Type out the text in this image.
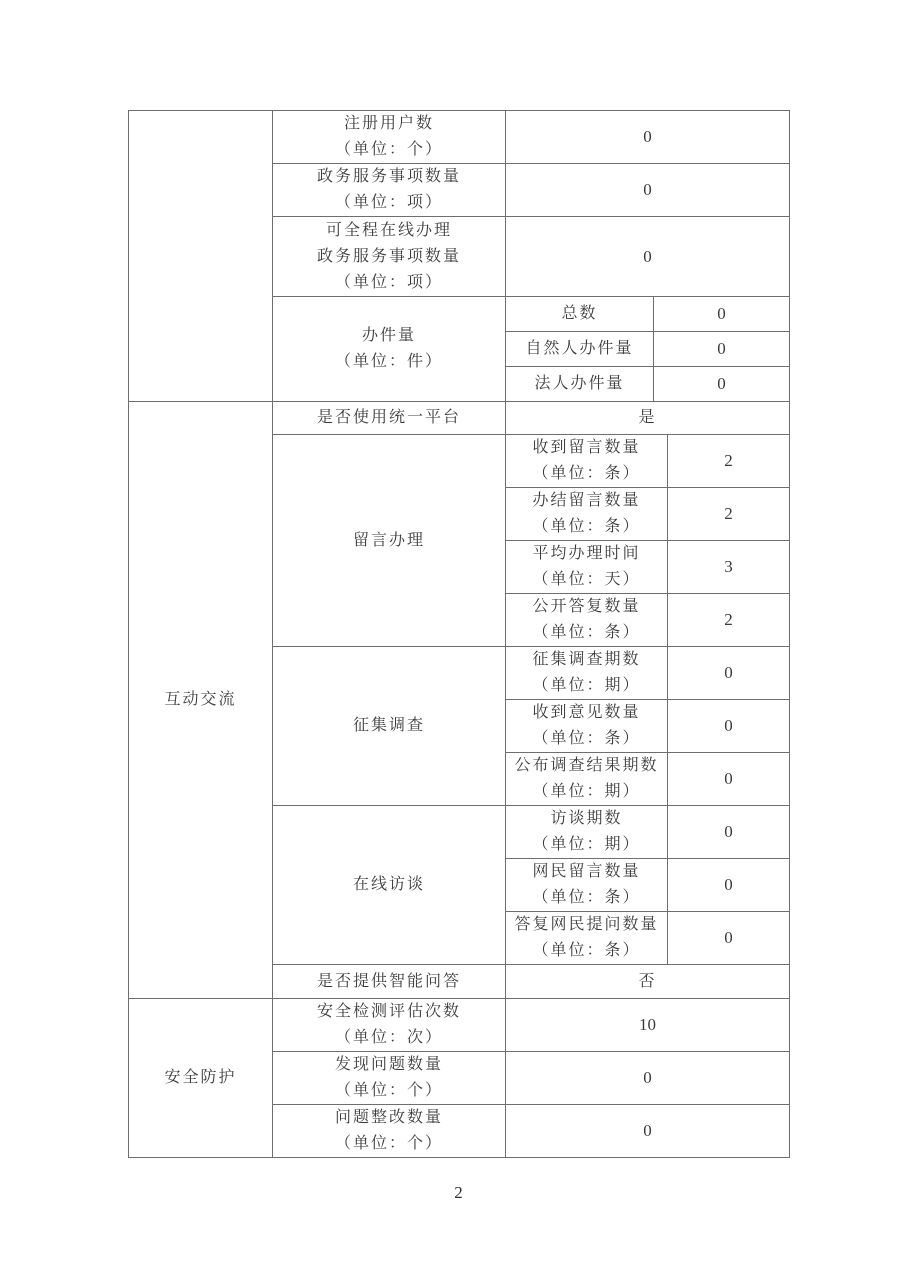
	注册用户数
（单位：个）	0		

	政务服务事项数量
（单位：项）	0		

	可全程在线办理
政务服务事项数量
（单位：项）	0		

	办件量
（单位：件）	总数	0	
		自然人办件量	0	
		法人办件量	0	
互动交流	是否使用统一平台	是		
	留言办理	收到留言数量
（单位：条）		2

		办结留言数量
（单位：条）		2

		平均办理时间
（单位：天）		3

		公开答复数量
（单位：条）		2
	征集调查	征集调查期数
（单位：期）		0

		收到意见数量
（单位：条）		0

		公布调查结果期数
（单位：期）		0
	在线访谈	访谈期数
（单位：期）		0

		网民留言数量
（单位：条）		0

		答复网民提问数量
（单位：条）		0
	是否提供智能问答	否		
安全防护	安全检测评估次数
（单位：次）	10		

	发现问题数量
（单位：个）	0		

	问题整改数量
（单位：个）	0		
2
